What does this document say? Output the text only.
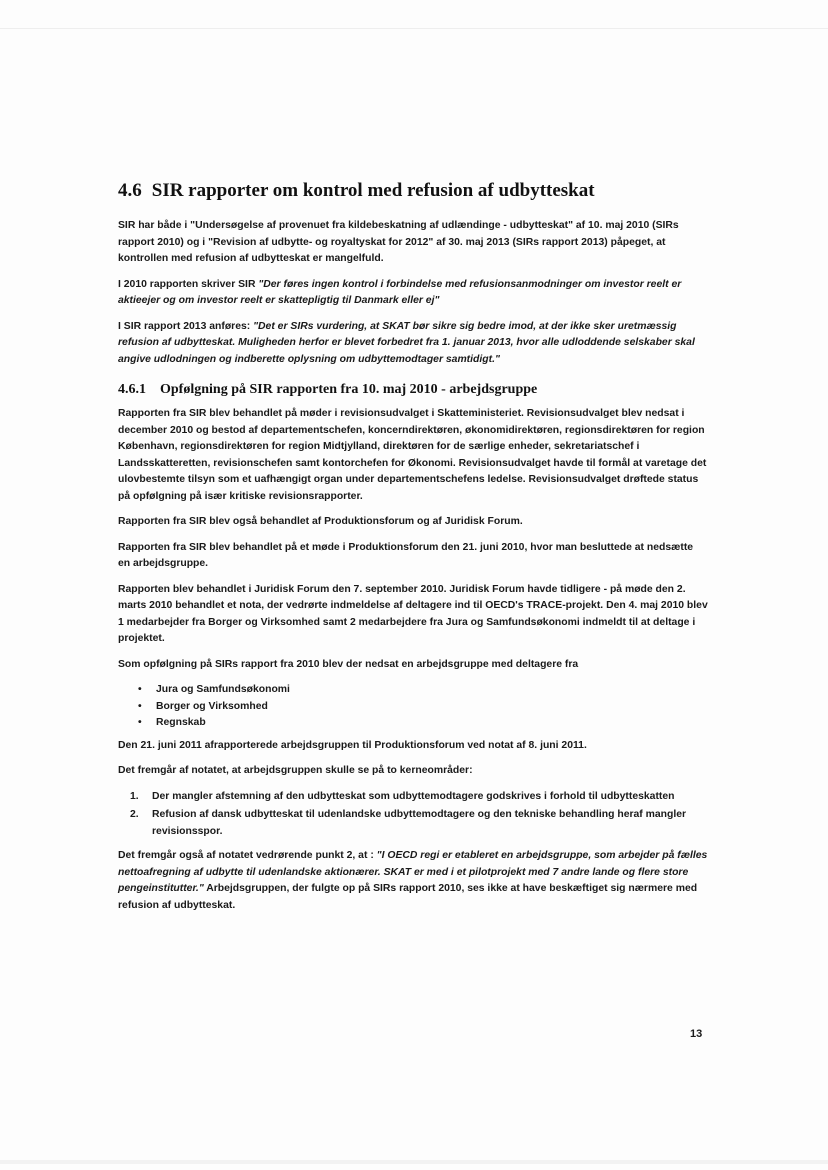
4.6 SIR rapporter om kontrol med refusion af udbytteskat

SIR har både i "Undersøgelse af provenuet fra kildebeskatning af udlændinge - udbytteskat" af 10. maj 2010 (SIRs rapport 2010) og i "Revision af udbytte- og royaltyskat for 2012" af 30. maj 2013 (SIRs rapport 2013) påpeget, at kontrollen med refusion af udbytteskat er mangelfuld.

I 2010 rapporten skriver SIR "Der føres ingen kontrol i forbindelse med refusionsanmodninger om investor reelt er aktieejer og om investor reelt er skattepligtig til Danmark eller ej"

I SIR rapport 2013 anføres: "Det er SIRs vurdering, at SKAT bør sikre sig bedre imod, at der ikke sker uretmæssig refusion af udbytteskat. Muligheden herfor er blevet forbedret fra 1. januar 2013, hvor alle udloddende selskaber skal angive udlodningen og indberette oplysning om udbyttemodtager samtidigt."

4.6.1 Opfølgning på SIR rapporten fra 10. maj 2010 - arbejdsgruppe

Rapporten fra SIR blev behandlet på møder i revisionsudvalget i Skatteministeriet. Revisionsudvalget blev nedsat i december 2010 og bestod af departementschefen, koncerndirektøren, økonomidirektøren, regionsdirektøren for region København, regionsdirektøren for region Midtjylland, direktøren for de særlige enheder, sekretariatschef i Landsskatteretten, revisionschefen samt kontorchefen for Økonomi. Revisionsudvalget havde til formål at varetage det ulovbestemte tilsyn som et uafhængigt organ under departementschefens ledelse. Revisionsudvalget drøftede status på opfølgning på især kritiske revisionsrapporter.

Rapporten fra SIR blev også behandlet af Produktionsforum og af Juridisk Forum.

Rapporten fra SIR blev behandlet på et møde i Produktionsforum den 21. juni 2010, hvor man besluttede at nedsætte en arbejdsgruppe.

Rapporten blev behandlet i Juridisk Forum den 7. september 2010. Juridisk Forum havde tidligere - på møde den 2. marts 2010 behandlet et nota, der vedrørte indmeldelse af deltagere ind til OECD's TRACE-projekt. Den 4. maj 2010 blev 1 medarbejder fra Borger og Virksomhed samt 2 medarbejdere fra Jura og Samfundsøkonomi indmeldt til at deltage i projektet.

Som opfølgning på SIRs rapport fra 2010 blev der nedsat en arbejdsgruppe med deltagere fra

• Jura og Samfundsøkonomi
• Borger og Virksomhed
• Regnskab

Den 21. juni 2011 afrapporterede arbejdsgruppen til Produktionsforum ved notat af 8. juni 2011.

Det fremgår af notatet, at arbejdsgruppen skulle se på to kerneområder:

1. Der mangler afstemning af den udbytteskat som udbyttemodtagere godskrives i forhold til udbytteskatten
2. Refusion af dansk udbytteskat til udenlandske udbyttemodtagere og den tekniske behandling heraf mangler revisionsspor.

Det fremgår også af notatet vedrørende punkt 2, at : "I OECD regi er etableret en arbejdsgruppe, som arbejder på fælles nettoafregning af udbytte til udenlandske aktionærer. SKAT er med i et pilotprojekt med 7 andre lande og flere store pengeinstitutter." Arbejdsgruppen, der fulgte op på SIRs rapport 2010, ses ikke at have beskæftiget sig nærmere med refusion af udbytteskat.

13
